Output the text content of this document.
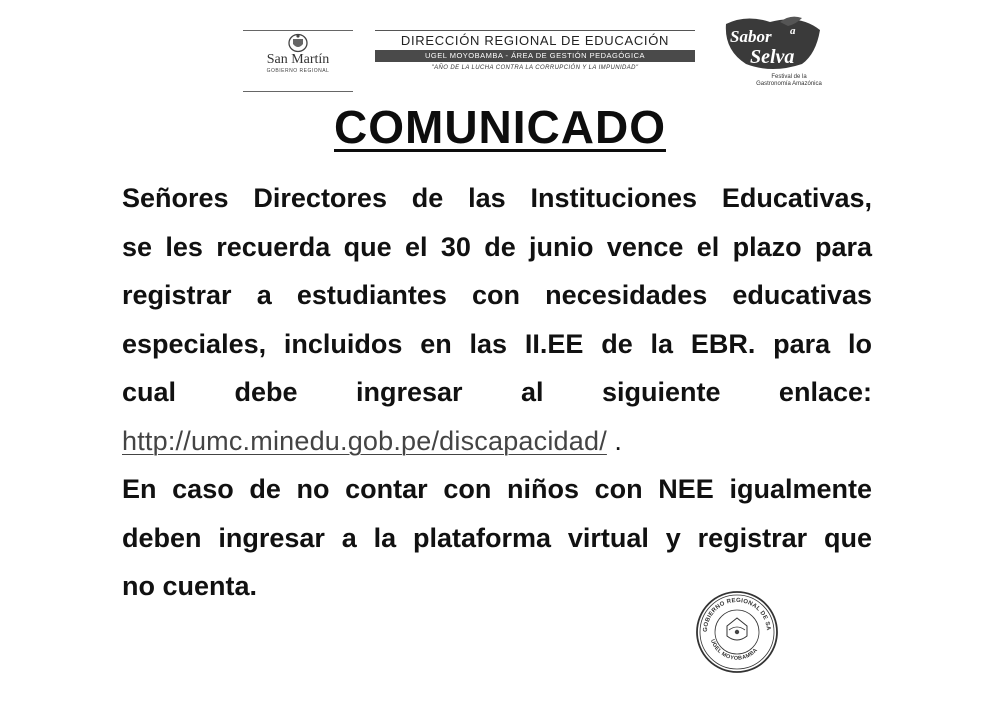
San Martín
GOBIERNO REGIONAL
DIRECCIÓN REGIONAL DE EDUCACIÓN
UGEL MOYOBAMBA - ÁREA DE GESTIÓN PEDAGÓGICA
"AÑO DE LA LUCHA CONTRA LA CORRUPCIÓN Y LA IMPUNIDAD"
Sabor a
Selva
Festival de la
Gastronomía Amazónica
COMUNICADO
Señores Directores de las Instituciones Educativas,
se les recuerda que el 30 de junio vence el plazo para
registrar a estudiantes con necesidades educativas
especiales, incluidos en las II.EE de la EBR. para lo
cual debe ingresar al siguiente enlace:
http://umc.minedu.gob.pe/discapacidad/ .
En caso de no contar con niños con NEE igualmente
deben ingresar a la plataforma virtual y registrar que
no cuenta.
GOBIERNO REGIONAL DE SA
UGEL MOYOBAMBA
